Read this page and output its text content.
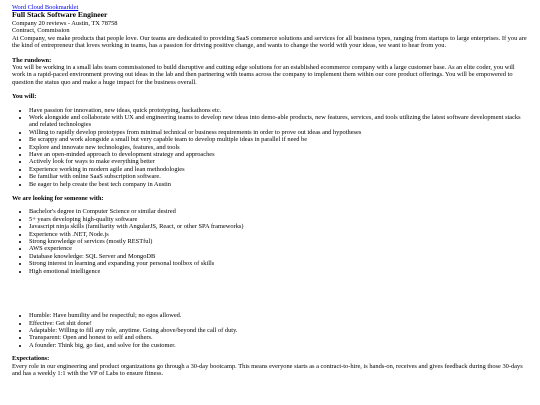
Word Cloud Bookmarklet
Full Stack Software Engineer

Company 20 reviews - Austin, TX 78758

Contract, Commission

At Company, we make products that people love. Our teams are dedicated to providing SaaS commerce solutions and services for all business types, ranging from startups to large enterprises. If you are the kind of entrepreneur that loves working in teams, has a passion for driving positive change, and wants to change the world with your ideas, we want to hear from you.

The rundown:

You will be working in a small labs team commissioned to build disruptive and cutting edge solutions for an established ecommerce company with a large customer base. As an elite coder, you will work in a rapid-paced environment proving out ideas in the lab and then partnering with teams across the company to implement them within our core product offerings. You will be empowered to question the status quo and make a huge impact for the business overall.

You will:

• Have passion for innovation, new ideas, quick prototyping, hackathons etc.
• Work alongside and collaborate with UX and engineering teams to develop new ideas into demo-able products, new features, services, and tools utilizing the latest software development stacks and related technologies
• Willing to rapidly develop prototypes from minimal technical or business requirements in order to prove out ideas and hypotheses
• Be scrappy and work alongside a small but very capable team to develop multiple ideas in parallel if need be
• Explore and innovate new technologies, features, and tools
• Have an open-minded approach to development strategy and approaches
• Actively look for ways to make everything better
• Experience working in modern agile and lean methodologies
• Be familiar with online SaaS subscription software.
• Be eager to help create the best tech company in Austin

We are looking for someone with:

• Bachelor's degree in Computer Science or similar desired
• 5+ years developing high-quality software
• Javascript ninja skills (familiarity with AngularJS, React, or other SPA frameworks)
• Experience with .NET, Node.js
• Strong knowledge of services (mostly RESTful)
• AWS experience
• Database knowledge: SQL Server and MongoDB
• Strong interest in learning and expanding your personal toolbox of skills
• High emotional intelligence
• Humble: Have humility and be respectful; no egos allowed.
• Effective: Get shit done!
• Adaptable: Willing to fill any role, anytime. Going above/beyond the call of duty.
• Transparent: Open and honest to self and others.
• A founder: Think big, go fast, and solve for the customer.

Expectations:

Every role in our engineering and product organizations go through a 30-day bootcamp. This means everyone starts as a contract-to-hire, is hands-on, receives and gives feedback during those 30-days and has a weekly 1:1 with the VP of Labs to ensure fitness.
